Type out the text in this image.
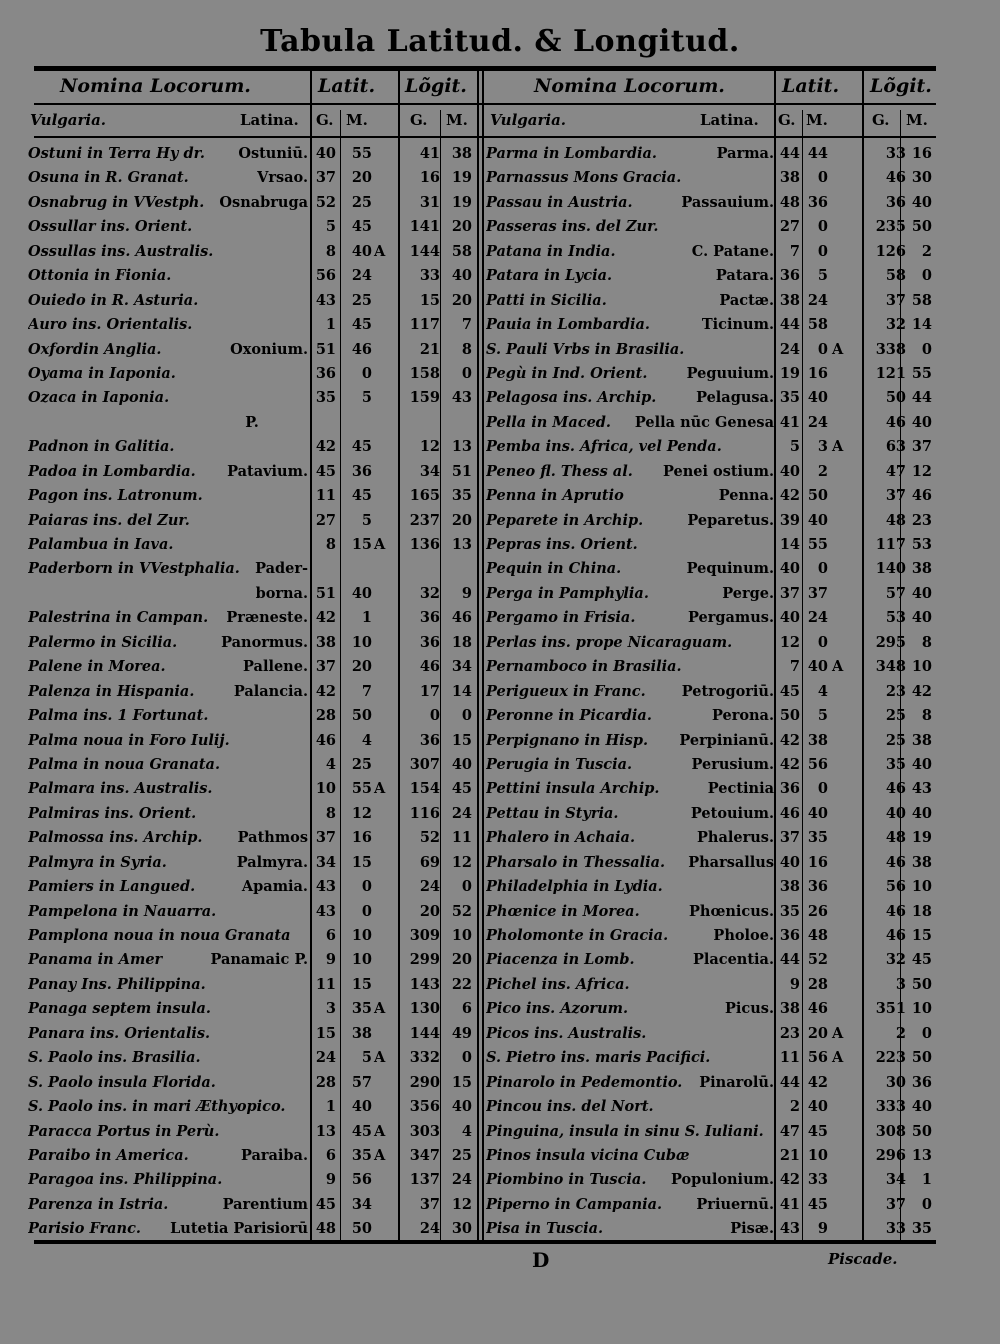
Tabula Latitud. & Longitud.
Nomina Locorum.	Latit. Lõgit.	Nomina Locorum.	Latit. Lõgit.
Vulgaria.	Latina. G. M.	G. M. Vulgaria.	Latina. G. M.	G. M.
Ostuni in Terra Hy dr.	Ostuniū. 40	55	41 38
Osuna in R. Granat.	Vrsao. 37	20	16 19
Osnabrug in VVestph.	Osnabruga 52	25	31 19
Ossullar ins. Orient.	5	45	141 20
Ossullas ins. Australis.	8	40 A	144 58
Ottonia in Fionia.	56	24	33 40
Ouiedo in R. Asturia.	43	25	15 20
Auro ins. Orientalis.	1	45	117	7
Oxfordin Anglia.	Oxonium. 51	46	21	8
Oyama in Iaponia.	36	0	158	0
Ozaca in Iaponia.	35	5	159 43
P.
Padnon in Galitia.	42	45	12 13
Padoa in Lombardia.	Patavium. 45	36	34 51
Pagon ins. Latronum.	11	45	165 35
Paiaras ins. del Zur.	27	5	237 20
Palambua in Iava.	8	15 A	136 13
Paderborn in VVestphalia.	Pader-
borna. 51	40	32	9
Palestrina in Campan.	Præneste. 42	1	36 46
Palermo in Sicilia.	Panormus. 38	10	36 18
Palene in Morea.	Pallene. 37	20	46 34
Palenza in Hispania.	Palancia. 42	7	17 14
Palma ins. 1 Fortunat.	28	50	0	0
Palma noua in Foro Iulij.	46	4	36 15
Palma in noua Granata.	4	25	307 40
Palmara ins. Australis.	10	55 A	154 45
Palmiras ins. Orient.	8	12	116 24
Palmossa ins. Archip.	Pathmos 37	16	52 11
Palmyra in Syria.	Palmyra. 34	15	69 12
Pamiers in Langued.	Apamia. 43	0	24	0
Pampelona in Nauarra.	43	0	20 52
Pamplona noua in noua Granata	6	10	309 10
Panama in Amer	Panamaic P.	9	10	299 20
Panay Ins. Philippina.	11	15	143 22
Panaga septem insula.	3	35 A	130	6
Panara ins. Orientalis.	15	38	144 49
S. Paolo ins. Brasilia.	24	5 A	332	0
S. Paolo insula Florida.	28	57	290 15
S. Paolo ins. in mari Æthyopico.	1	40	356 40
Paracca Portus in Perù.	13	45 A	303	4
Paraibo in America.	Paraiba.	6	35 A	347 25
Paragoa ins. Philippina.	9	56	137 24
Parenza in Istria.	Parentium 45	34	37 12
Parisio Franc.	Lutetia Parisiorū 48	50	24 30
Parma in Lombardia.	Parma. 44 44	33 16
Parnassus Mons Gracia.	38	0	46 30
Passau in Austria.	Passauium. 48 36	36 40
Passeras ins. del Zur.	27	0	235 50
Patana in India.	C. Patane.	7	0	126	2
Patara in Lycia.	Patara. 36	5	58	0
Patti in Sicilia.	Pactæ. 38 24	37 58
Pauia in Lombardia.	Ticinum. 44 58	32 14
S. Pauli Vrbs in Brasilia.	24	0 A	338	0
Pegù in Ind. Orient.	Peguuium. 19 16	121 55
Pelagosa ins. Archip.	Pelagusa. 35 40	50 44
Pella in Maced.	Pella nūc Genesa 41 24	46 40
Pemba ins. Africa, vel Penda.	5	3 A	63 37
Peneo fl. Thess al.	Penei ostium. 40	2	47 12
Penna in Aprutio	Penna. 42 50	37 46
Peparete in Archip.	Peparetus. 39 40	48 23
Pepras ins. Orient.	14 55	117 53
Pequin in China.	Pequinum. 40	0	140 38
Perga in Pamphylia.	Perge. 37 37	57 40
Pergamo in Frisia.	Pergamus. 40 24	53 40
Perlas ins. prope Nicaraguam.	12	0	295	8
Pernamboco in Brasilia.	7 40 A	348 10
Perigueux in Franc.	Petrogoriū. 45	4	23 42
Peronne in Picardia.	Perona. 50	5	25	8
Perpignano in Hisp.	Perpinianū. 42 38	25 38
Perugia in Tuscia.	Perusium. 42 56	35 40
Pettini insula Archip.	Pectinia 36	0	46 43
Pettau in Styria.	Petouium. 46 40	40 40
Phalero in Achaia.	Phalerus. 37 35	48 19
Pharsalo in Thessalia.	Pharsallus 40 16	46 38
Philadelphia in Lydia.	38 36	56 10
Phœnice in Morea.	Phœnicus. 35 26	46 18
Pholomonte in Gracia.	Pholoe. 36 48	46 15
Piacenza in Lomb.	Placentia. 44 52	32 45
Pichel ins. Africa.	9 28	3 50
Pico ins. Azorum.	Picus. 38 46	351 10
Picos ins. Australis.	23 20 A	2	0
S. Pietro ins. maris Pacifici.	11 56 A	223 50
Pinarolo in Pedemontio.	Pinarolū. 44 42	30 36
Pincou ins. del Nort.	2 40	333 40
Pinguina, insula in sinu S. Iuliani.	47 45	308 50
Pinos insula vicina Cubæ	21 10	296 13
Piombino in Tuscia.	Populonium. 42 33	34	1
Piperno in Campania.	Priuernū. 41 45	37	0
Pisa in Tuscia.	Pisæ. 43	9	33 35
D	Piscade.
